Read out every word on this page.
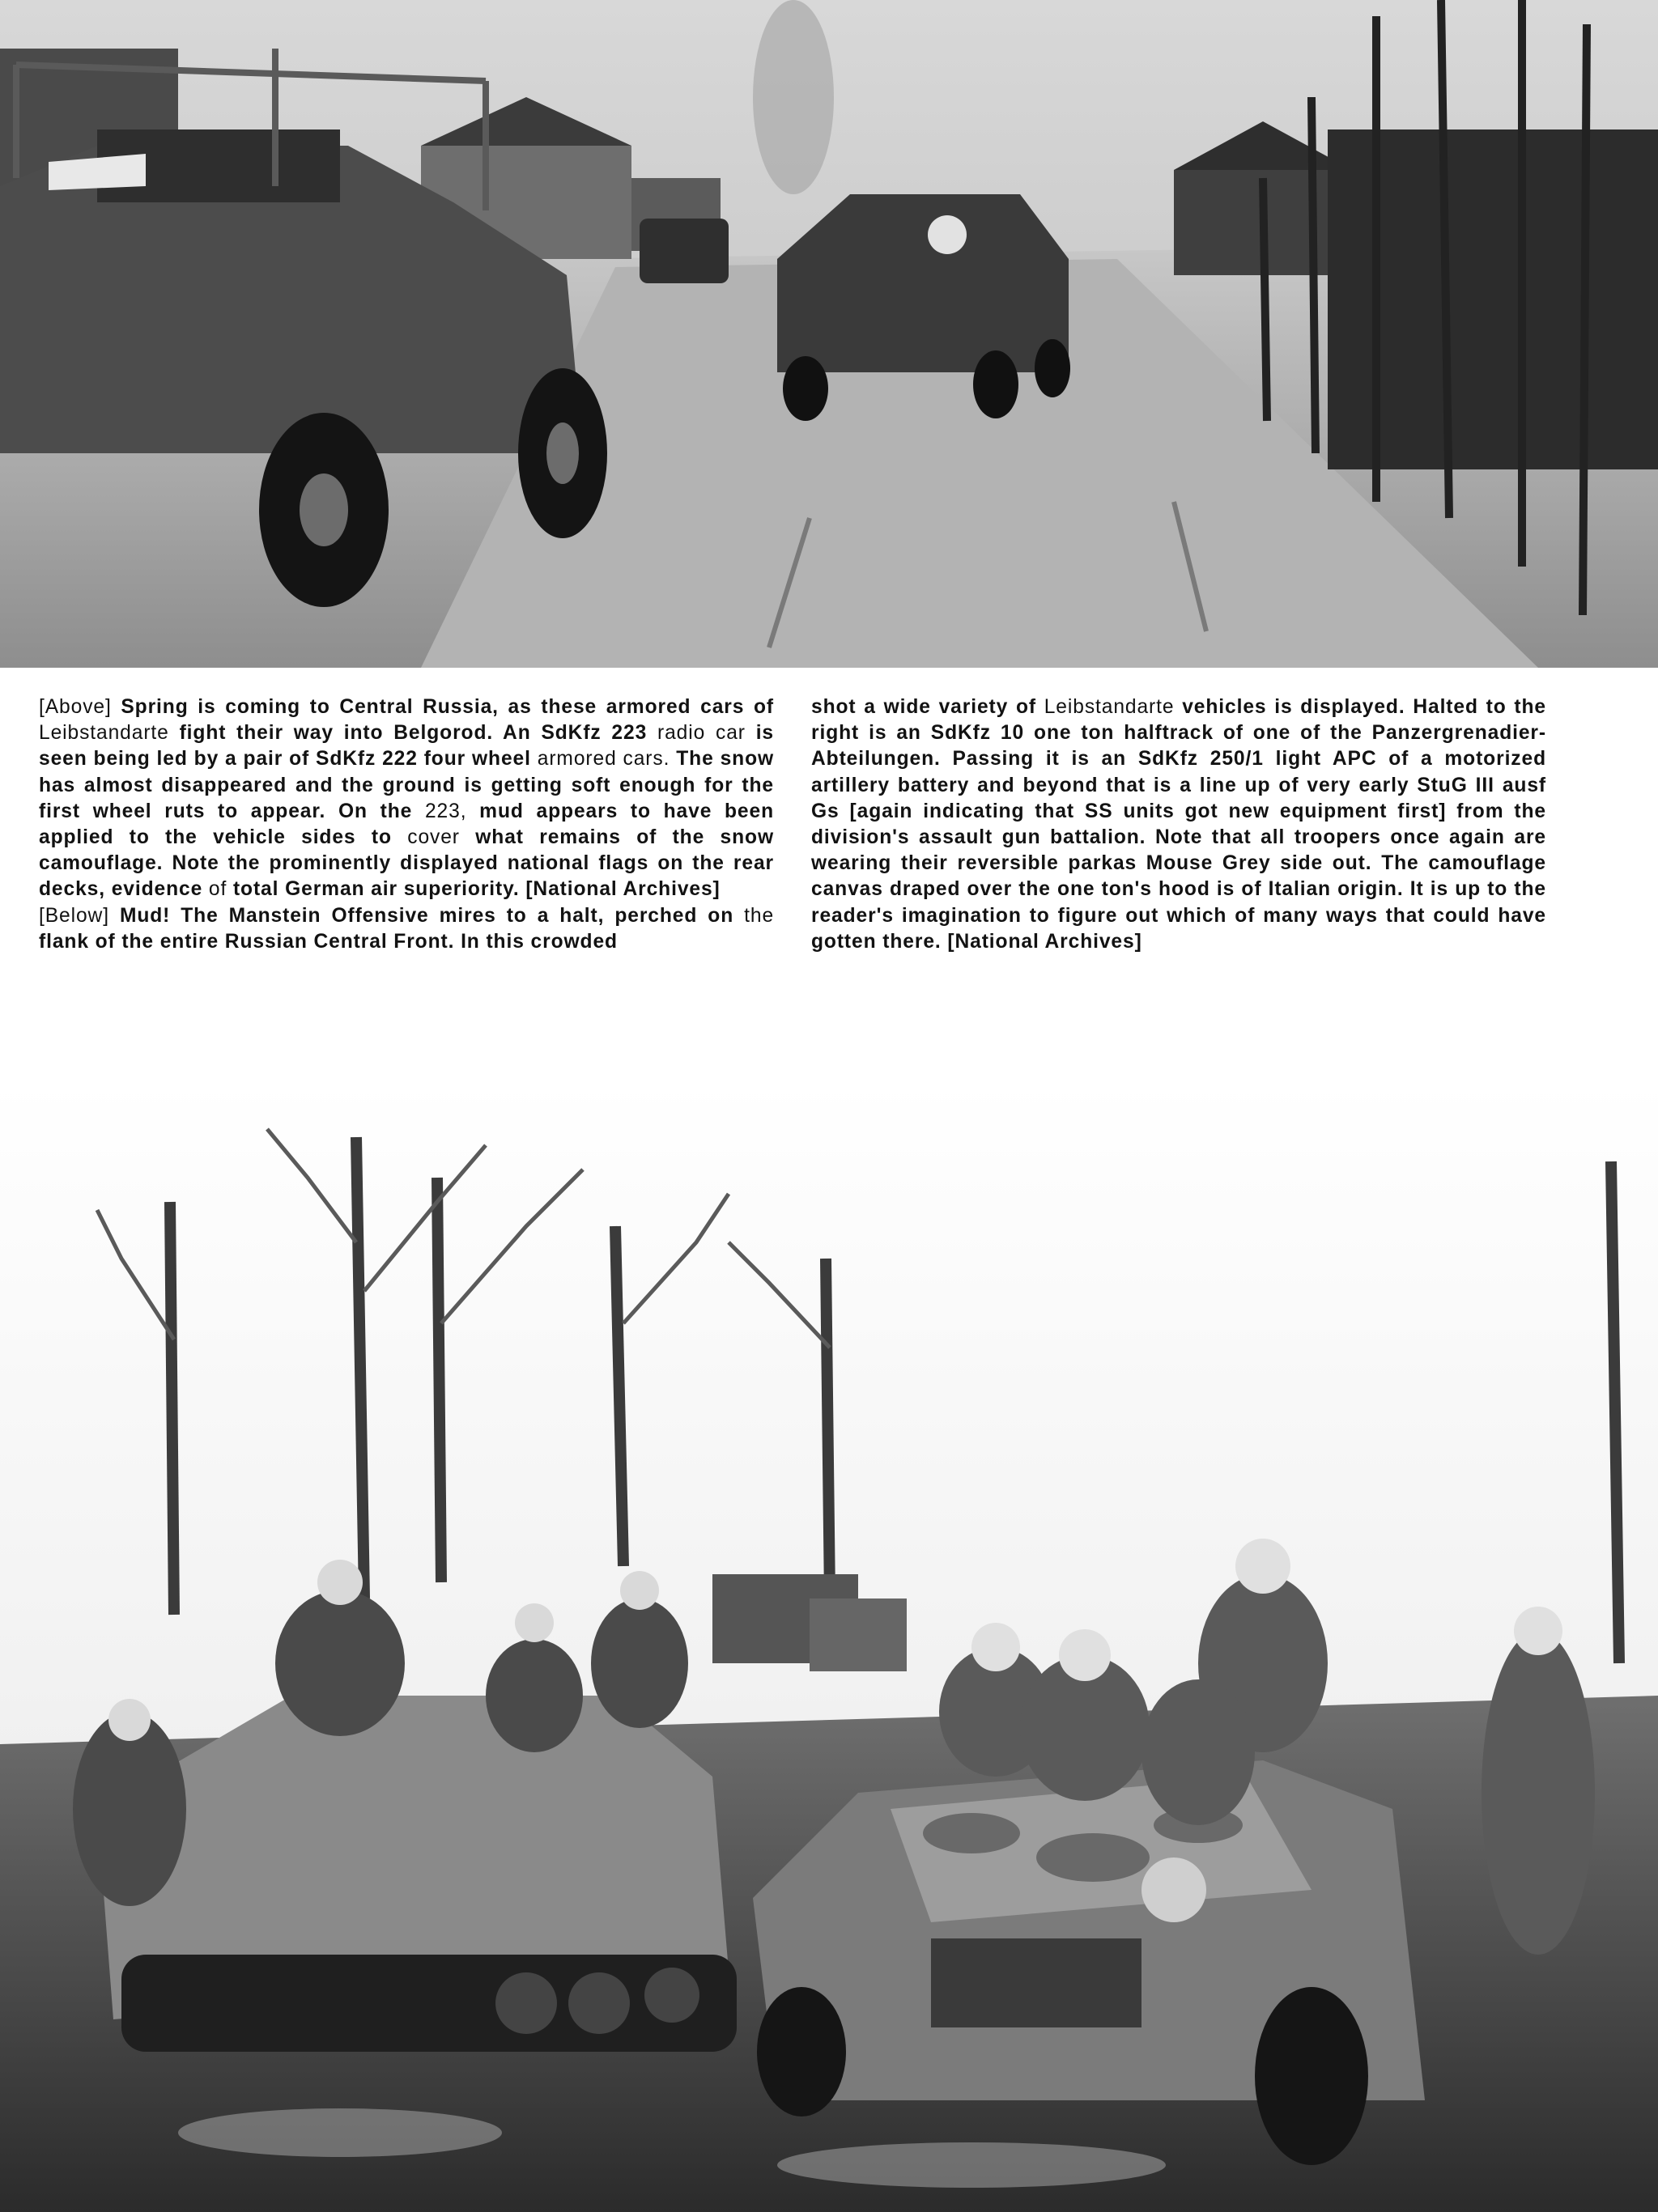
[Above] Spring is coming to Central Russia, as these armored cars of Leibstandarte fight their way into Belgorod. An SdKfz 223 radio car is seen being led by a pair of SdKfz 222 four wheel armored cars. The snow has almost disappeared and the ground is getting soft enough for the first wheel ruts to appear. On the 223, mud appears to have been applied to the vehicle sides to cover what remains of the snow camouflage. Note the prominently displayed national flags on the rear decks, evidence of total German air superiority. [National Archives]

[Below] Mud! The Manstein Offensive mires to a halt, perched on the flank of the entire Russian Central Front. In this crowded

shot a wide variety of Leibstandarte vehicles is displayed. Halted to the right is an SdKfz 10 one ton halftrack of one of the Panzergrenadier-Abteilungen. Passing it is an SdKfz 250/1 light APC of a motorized artillery battery and beyond that is a line up of very early StuG III ausf Gs [again indicating that SS units got new equipment first] from the division's assault gun battalion. Note that all troopers once again are wearing their reversible parkas Mouse Grey side out. The camouflage canvas draped over the one ton's hood is of Italian origin. It is up to the reader's imagination to figure out which of many ways that could have gotten there. [National Archives]
